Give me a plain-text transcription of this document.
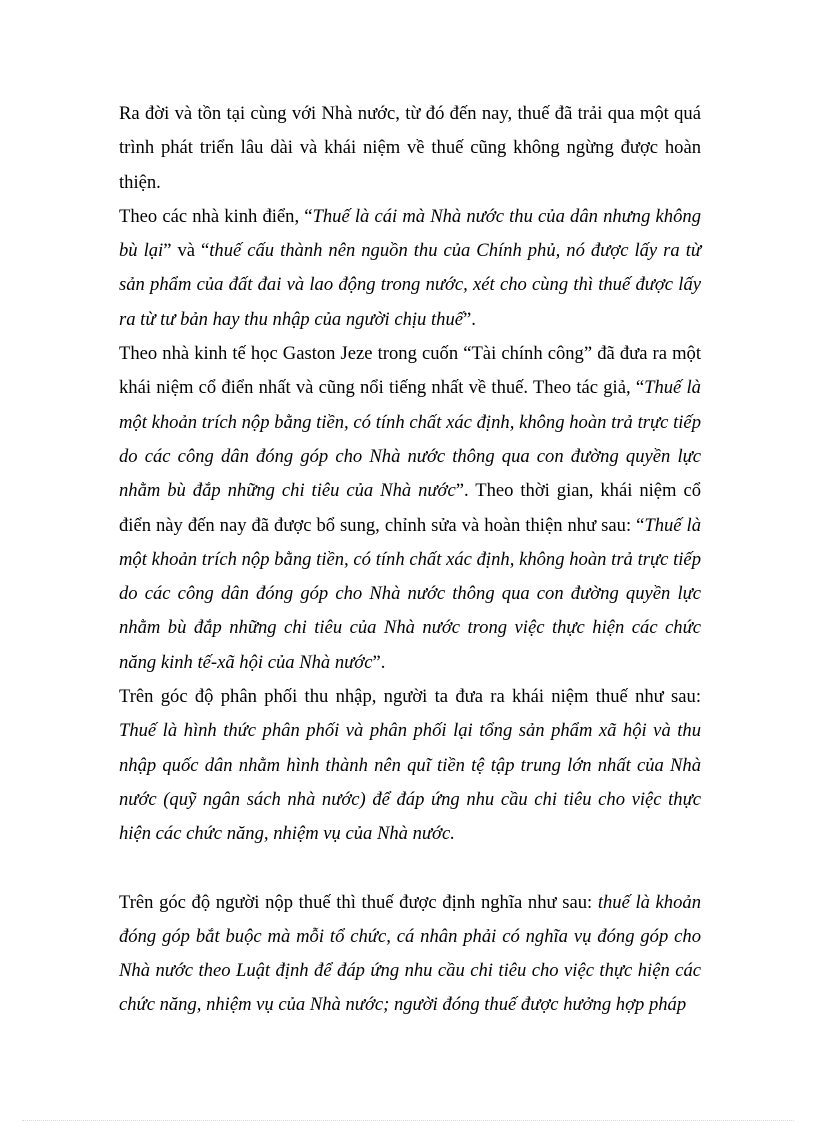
Ra đời và tồn tại cùng với Nhà nước, từ đó đến nay, thuế đã trải qua một quá trình phát triển lâu dài và khái niệm về thuế cũng không ngừng được hoàn thiện.

Theo các nhà kinh điển, “Thuế là cái mà Nhà nước thu của dân nhưng không bù lại” và “thuế cấu thành nên nguồn thu của Chính phủ, nó được lấy ra từ sản phẩm của đất đai và lao động trong nước, xét cho cùng thì thuế được lấy ra từ tư bản hay thu nhập của người chịu thuế”.

Theo nhà kinh tế học Gaston Jeze trong cuốn “Tài chính công” đã đưa ra một khái niệm cổ điển nhất và cũng nổi tiếng nhất về thuế. Theo tác giả, “Thuế là một khoản trích nộp bằng tiền, có tính chất xác định, không hoàn trả trực tiếp do các công dân đóng góp cho Nhà nước thông qua con đường quyền lực nhằm bù đắp những chi tiêu của Nhà nước”. Theo thời gian, khái niệm cổ điển này đến nay đã được bổ sung, chỉnh sửa và hoàn thiện như sau: “Thuế là một khoản trích nộp bằng tiền, có tính chất xác định, không hoàn trả trực tiếp do các công dân đóng góp cho Nhà nước thông qua con đường quyền lực nhằm bù đắp những chi tiêu của Nhà nước trong việc thực hiện các chức năng kinh tế-xã hội của Nhà nước”.

Trên góc độ phân phối thu nhập, người ta đưa ra khái niệm thuế như sau: Thuế là hình thức phân phối và phân phối lại tổng sản phẩm xã hội và thu nhập quốc dân nhằm hình thành nên quĩ tiền tệ tập trung lớn nhất của Nhà nước (quỹ ngân sách nhà nước) để đáp ứng nhu cầu chi tiêu cho việc thực hiện các chức năng, nhiệm vụ của Nhà nước.

Trên góc độ người nộp thuế thì thuế được định nghĩa như sau: thuế là khoản đóng góp bắt buộc mà mỗi tổ chức, cá nhân phải có nghĩa vụ đóng góp cho Nhà nước theo Luật định để đáp ứng nhu cầu chi tiêu cho việc thực hiện các chức năng, nhiệm vụ của Nhà nước; người đóng thuế được hưởng hợp pháp
